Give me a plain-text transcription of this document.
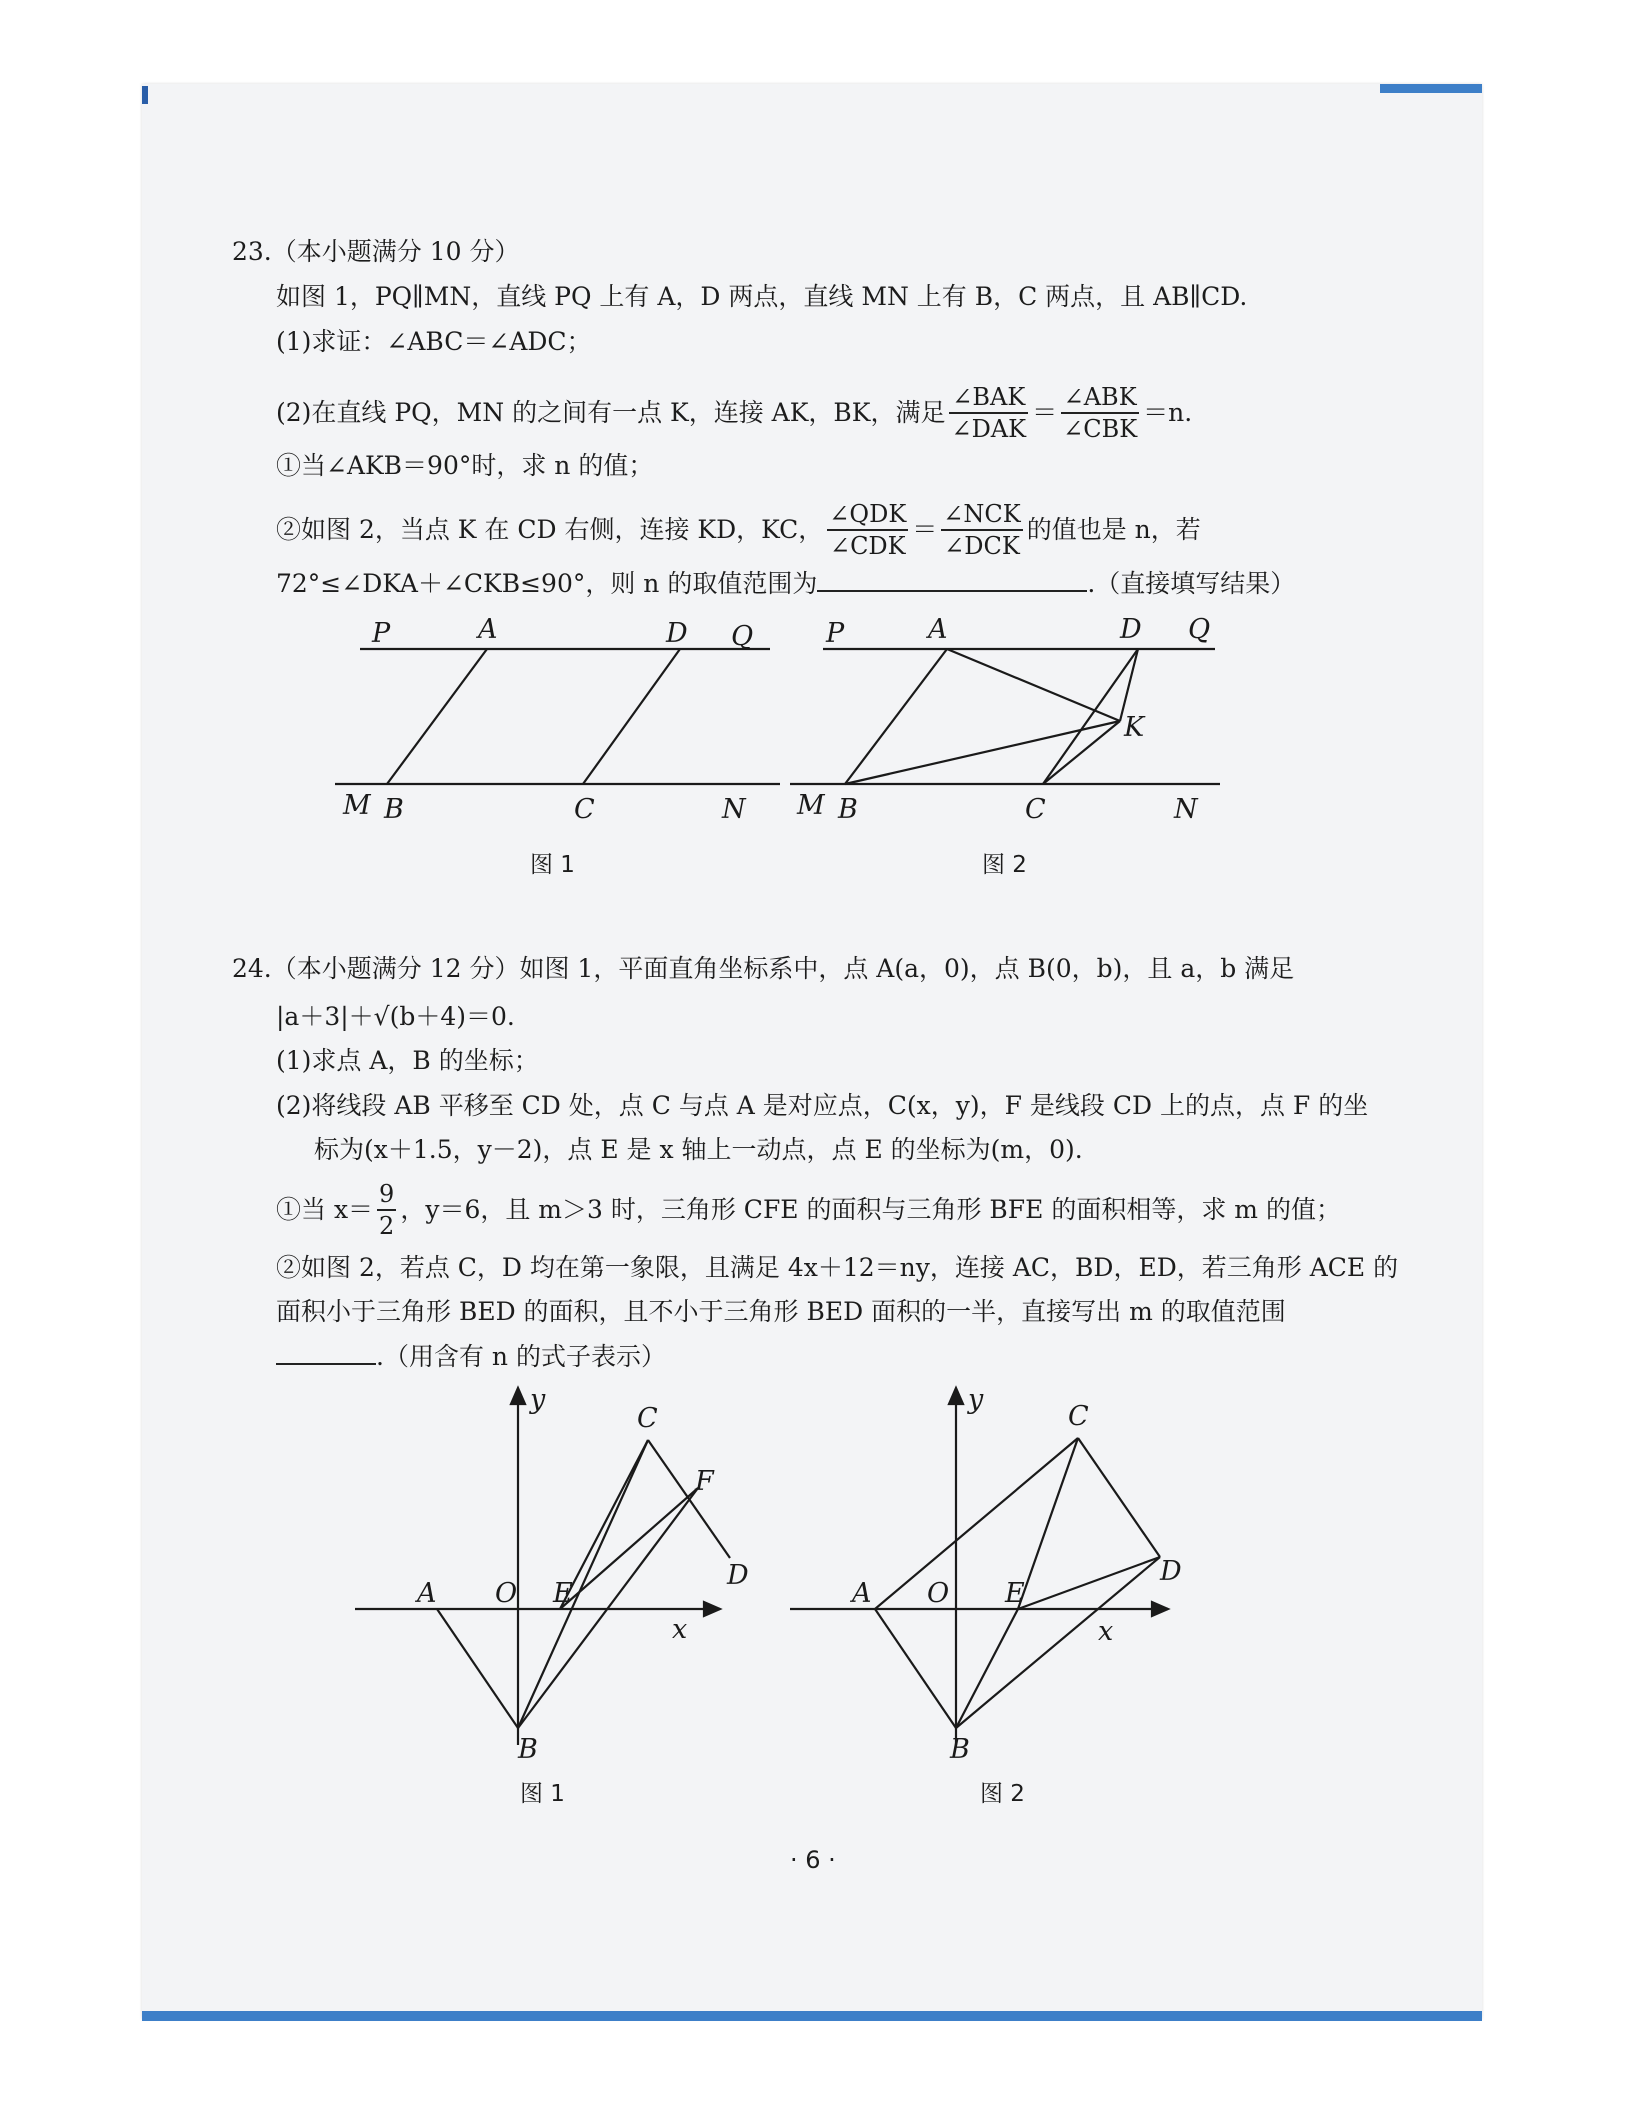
23.（本小题满分 10 分）
如图 1，PQ∥MN，直线 PQ 上有 A，D 两点，直线 MN 上有 B，C 两点，且 AB∥CD.
(1)求证：∠ABC＝∠ADC；
(2)在直线 PQ，MN 的之间有一点 K，连接 AK，BK，满足 $\frac{\text{∠BAK}}{\text{∠DAK}} = \frac{\text{∠ABK}}{\text{∠CBK}} =n$.
①当∠AKB＝90°时，求 n 的值；
②如图 2，当点 K 在 CD 右侧，连接 KD，KC， $\frac{\text{∠QDK}}{\text{∠CDK}} = \frac{\text{∠NCK}}{\text{∠DCK}}$ 的值也是 n，若
72°≤∠DKA＋∠CKB≤90°，则 n 的取值范围为	.（直接填写结果）
P	A	D Q
M B	C	N
P	A	D Q
K
M B	C	N
图 1	图 2
24.（本小题满分 12 分）如图 1，平面直角坐标系中，点 A(a，0)，点 B(0，b)，且 a，b 满足
|a＋3|＋√(b＋4)＝0.
(1)求点 A，B 的坐标；
(2)将线段 AB 平移至 CD 处，点 C 与点 A 是对应点，C(x，y)，F 是线段 CD 上的点，点 F 的坐
标为(x＋1.5，y－2)，点 E 是 x 轴上一动点，点 E 的坐标为(m，0).
①当 $x= \frac{9}{2}$ ，y＝6，且 m＞3 时，三角形 CFE 的面积与三角形 BFE 的面积相等，求 m 的值；
②如图 2，若点 C，D 均在第一象限，且满足 4x＋12＝ny，连接 AC，BD，ED，若三角形 ACE 的
面积小于三角形 BED 的面积，且不小于三角形 BED 面积的一半，直接写出 m 的取值范围
.（用含有 n 的式子表示）
y
C
F
D
A O E
x
B
y
C
D
A O E
x
B
图 1	图 2
· 6 ·
